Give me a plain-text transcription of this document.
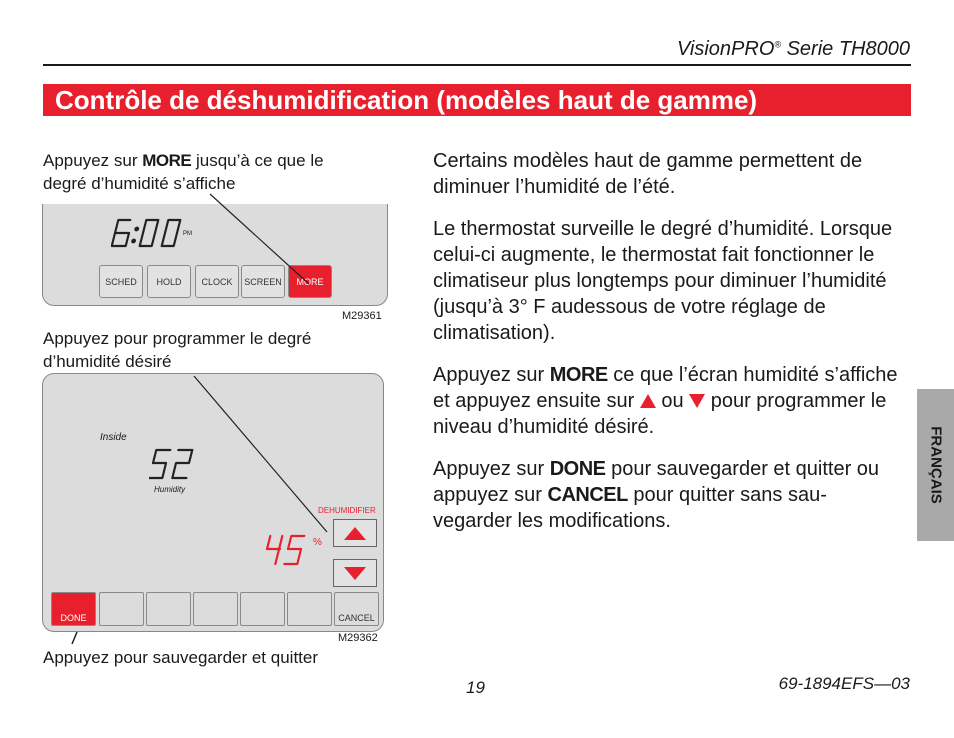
VisionPRO® Serie TH8000
Contrôle de déshumidification (modèles haut de gamme)
Appuyez sur MORE jusqu’à ce que le
degré d’humidité s’affiche
PM
SCHED	HOLD	CLOCK	SCREEN	MORE
M29361
Appuyez pour programmer le degré
d’humidité désiré
Inside
Humidity
DEHUMIDIFIER
%
DONE	CANCEL
M29362
Appuyez pour sauvegarder et quitter

Certains modèles haut de gamme permettent de diminuer l’humidité de l’été.

Le thermostat surveille le degré d’humidité. Lorsque celui-ci augmente, le thermostat fait fonctionner le climatiseur plus longtemps pour diminuer l’humidité (jusqu’à 3° F audessous de votre réglage de climatisation).

Appuyez sur MORE ce que l’écran humidité s’affiche et appuyez ensuite sur  ou  pour programmer le niveau d’humidité désiré.

Appuyez sur DONE pour sauvegarder et quitter ou appuyez sur CANCEL pour quitter sans sau-vegarder les modifications.

FRANÇAIS
19	69-1894EFS—03
